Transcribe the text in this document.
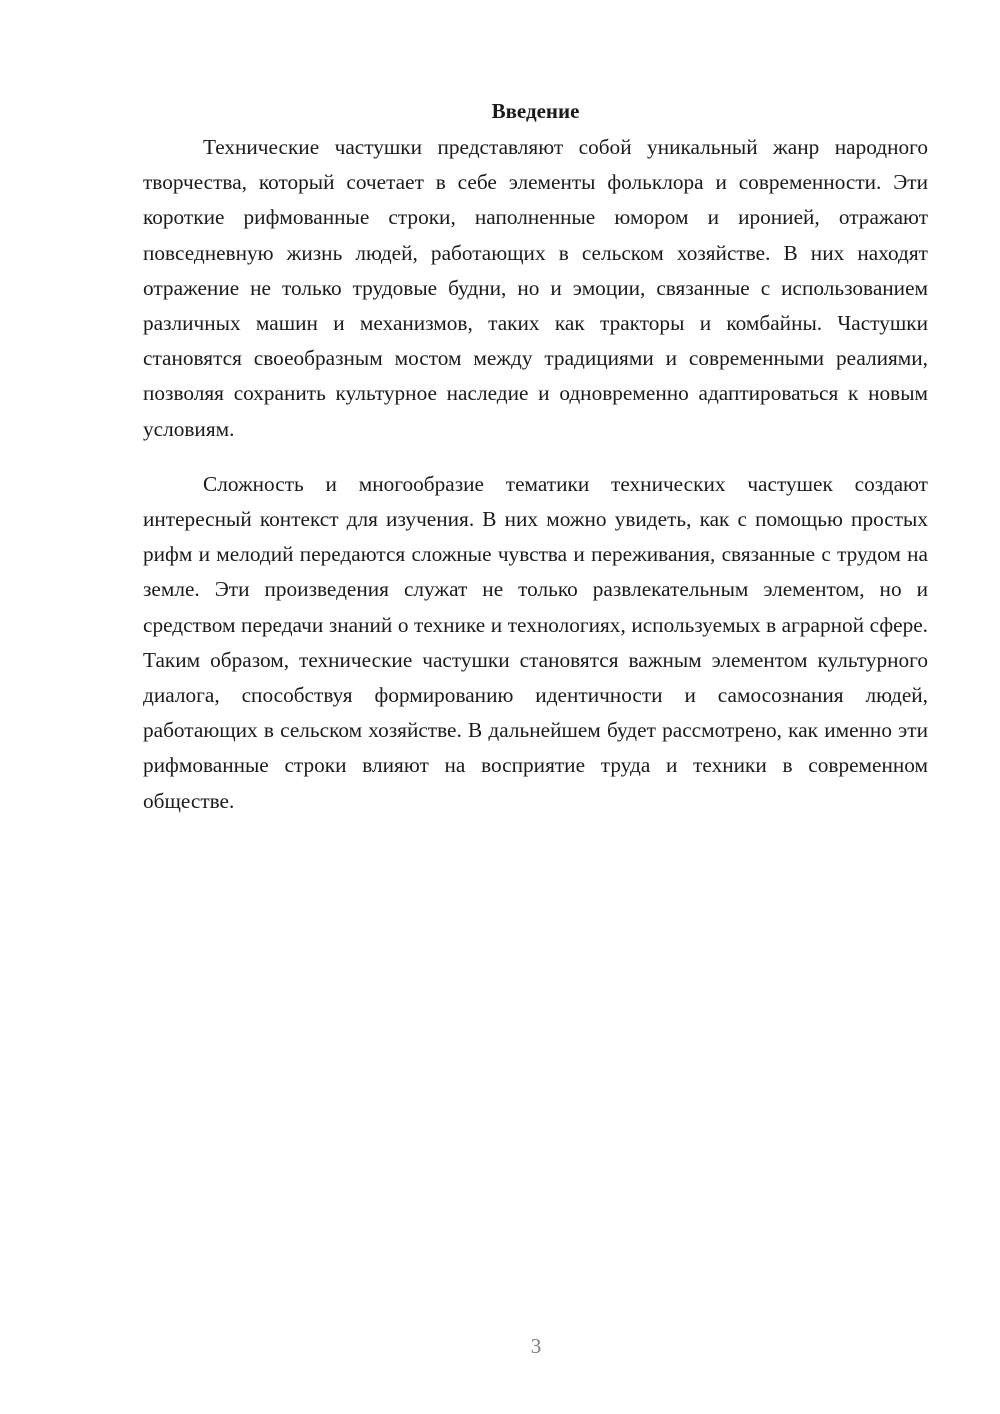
Введение

Технические частушки представляют собой уникальный жанр народного творчества, который сочетает в себе элементы фольклора и современности. Эти короткие рифмованные строки, наполненные юмором и иронией, отражают повседневную жизнь людей, работающих в сельском хозяйстве. В них находят отражение не только трудовые будни, но и эмоции, связанные с использованием различных машин и механизмов, таких как тракторы и комбайны. Частушки становятся своеобразным мостом между традициями и современными реалиями, позволяя сохранить культурное наследие и одновременно адаптироваться к новым условиям.

Сложность и многообразие тематики технических частушек создают интересный контекст для изучения. В них можно увидеть, как с помощью простых рифм и мелодий передаются сложные чувства и переживания, связанные с трудом на земле. Эти произведения служат не только развлекательным элементом, но и средством передачи знаний о технике и технологиях, используемых в аграрной сфере. Таким образом, технические частушки становятся важным элементом культурного диалога, способствуя формированию идентичности и самосознания людей, работающих в сельском хозяйстве. В дальнейшем будет рассмотрено, как именно эти рифмованные строки влияют на восприятие труда и техники в современном обществе.

3
